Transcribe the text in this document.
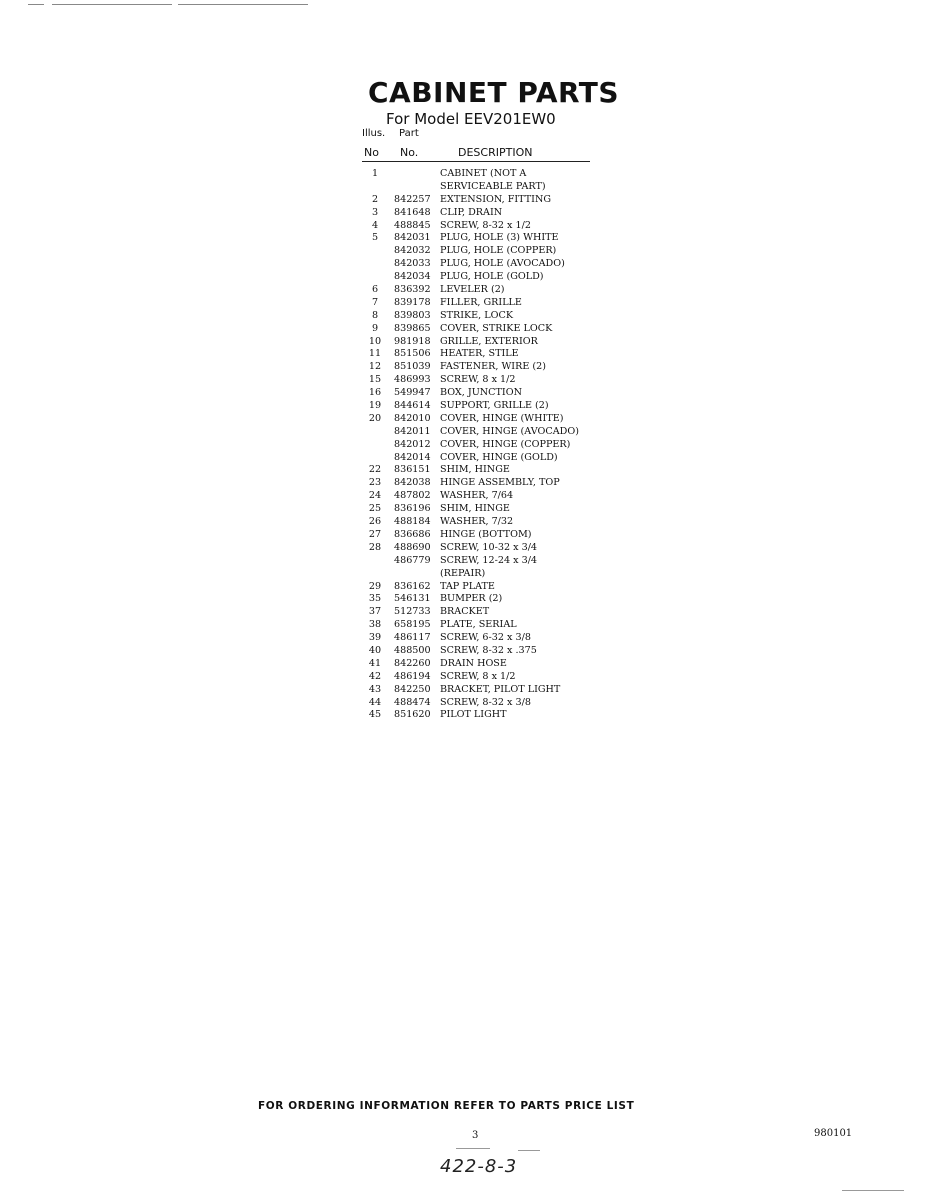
CABINET PARTS
For Model EEV201EW0
Illus. Part
No No.	DESCRIPTION
1	CABINET (NOT A
SERVICEABLE PART)
2	842257 EXTENSION, FITTING
3	841648 CLIP, DRAIN
4	488845 SCREW, 8-32 x 1/2
5	842031 PLUG, HOLE (3) WHITE
842032 PLUG, HOLE (COPPER)
842033 PLUG, HOLE (AVOCADO)
842034 PLUG, HOLE (GOLD)
6	836392 LEVELER (2)
7	839178 FILLER, GRILLE
8	839803 STRIKE, LOCK
9	839865 COVER, STRIKE LOCK
10	981918 GRILLE, EXTERIOR
11	851506 HEATER, STILE
12	851039 FASTENER, WIRE (2)
15	486993 SCREW, 8 x 1/2
16	549947 BOX, JUNCTION
19	844614 SUPPORT, GRILLE (2)
20	842010 COVER, HINGE (WHITE)
842011 COVER, HINGE (AVOCADO)
842012 COVER, HINGE (COPPER)
842014 COVER, HINGE (GOLD)
22	836151 SHIM, HINGE
23	842038 HINGE ASSEMBLY, TOP
24	487802 WASHER, 7/64
25	836196 SHIM, HINGE
26	488184 WASHER, 7/32
27	836686 HINGE (BOTTOM)
28	488690 SCREW, 10-32 x 3/4
486779 SCREW, 12-24 x 3/4
(REPAIR)
29	836162 TAP PLATE
35	546131 BUMPER (2)
37	512733 BRACKET
38	658195 PLATE, SERIAL
39	486117 SCREW, 6-32 x 3/8
40	488500 SCREW, 8-32 x .375
41	842260 DRAIN HOSE
42	486194 SCREW, 8 x 1/2
43	842250 BRACKET, PILOT LIGHT
44	488474 SCREW, 8-32 x 3/8
45	851620 PILOT LIGHT
FOR ORDERING INFORMATION REFER TO PARTS PRICE LIST
3	980101
422-8-3
